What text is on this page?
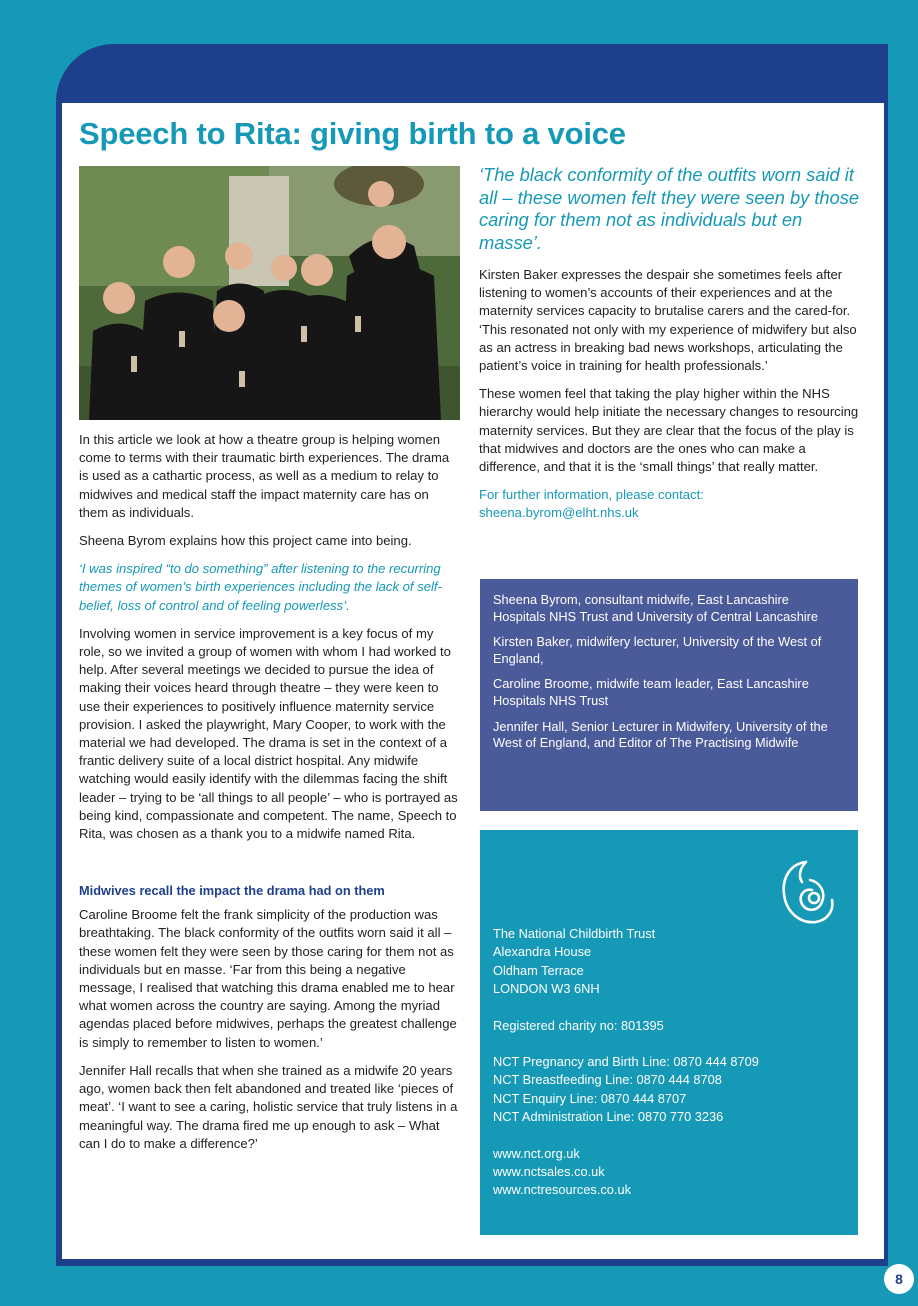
Speech to Rita: giving birth to a voice

In this article we look at how a theatre group is helping women come to terms with their traumatic birth experiences. The drama is used as a cathartic process, as well as a medium to relay to midwives and medical staff the impact maternity care has on them as individuals.

Sheena Byrom explains how this project came into being.

‘I was inspired “to do something” after listening to the recurring themes of women’s birth experiences including the lack of self-belief, loss of control and of feeling powerless’.

Involving women in service improvement is a key focus of my role, so we invited a group of women with whom I had worked to help. After several meetings we decided to pursue the idea of making their voices heard through theatre – they were keen to use their experiences to positively influence maternity service provision. I asked the playwright, Mary Cooper, to work with the material we had developed. The drama is set in the context of a frantic delivery suite of a local district hospital. Any midwife watching would easily identify with the dilemmas facing the shift leader – trying to be ‘all things to all people’ – who is portrayed as being kind, compassionate and competent. The name, Speech to Rita, was chosen as a thank you to a midwife named Rita.

Midwives recall the impact the drama had on them

Caroline Broome felt the frank simplicity of the production was breathtaking. The black conformity of the outfits worn said it all – these women felt they were seen by those caring for them not as individuals but en masse. ‘Far from this being a negative message, I realised that watching this drama enabled me to hear what women across the country are saying. Among the myriad agendas placed before midwives, perhaps the greatest challenge is simply to remember to listen to women.’

Jennifer Hall recalls that when she trained as a midwife 20 years ago, women back then felt abandoned and treated like ‘pieces of meat’. ‘I want to see a caring, holistic service that truly listens in a meaningful way. The drama fired me up enough to ask – What can I do to make a difference?’

‘The black conformity of the outfits worn said it all – these women felt they were seen by those caring for them not as individuals but en masse’.

Kirsten Baker expresses the despair she sometimes feels after listening to women’s accounts of their experiences and at the maternity services capacity to brutalise carers and the cared-for. ‘This resonated not only with my experience of midwifery but also as an actress in breaking bad news workshops, articulating the patient’s voice in training for health professionals.’

These women feel that taking the play higher within the NHS hierarchy would help initiate the necessary changes to resourcing maternity services. But they are clear that the focus of the play is that midwives and doctors are the ones who can make a difference, and that it is the ‘small things’ that really matter.

For further information, please contact:
sheena.byrom@elht.nhs.uk

Sheena Byrom, consultant midwife, East Lancashire Hospitals NHS Trust and University of Central Lancashire

Kirsten Baker, midwifery lecturer, University of the West of England,

Caroline Broome, midwife team leader, East Lancashire Hospitals NHS Trust

Jennifer Hall, Senior Lecturer in Midwifery, University of the West of England, and Editor of The Practising Midwife

The National Childbirth Trust
Alexandra House
Oldham Terrace
LONDON W3 6NH
Registered charity no: 801395
NCT Pregnancy and Birth Line: 0870 444 8709
NCT Breastfeeding Line: 0870 444 8708
NCT Enquiry Line: 0870 444 8707
NCT Administration Line: 0870 770 3236
www.nct.org.uk
www.nctsales.co.uk
www.nctresources.co.uk
8
